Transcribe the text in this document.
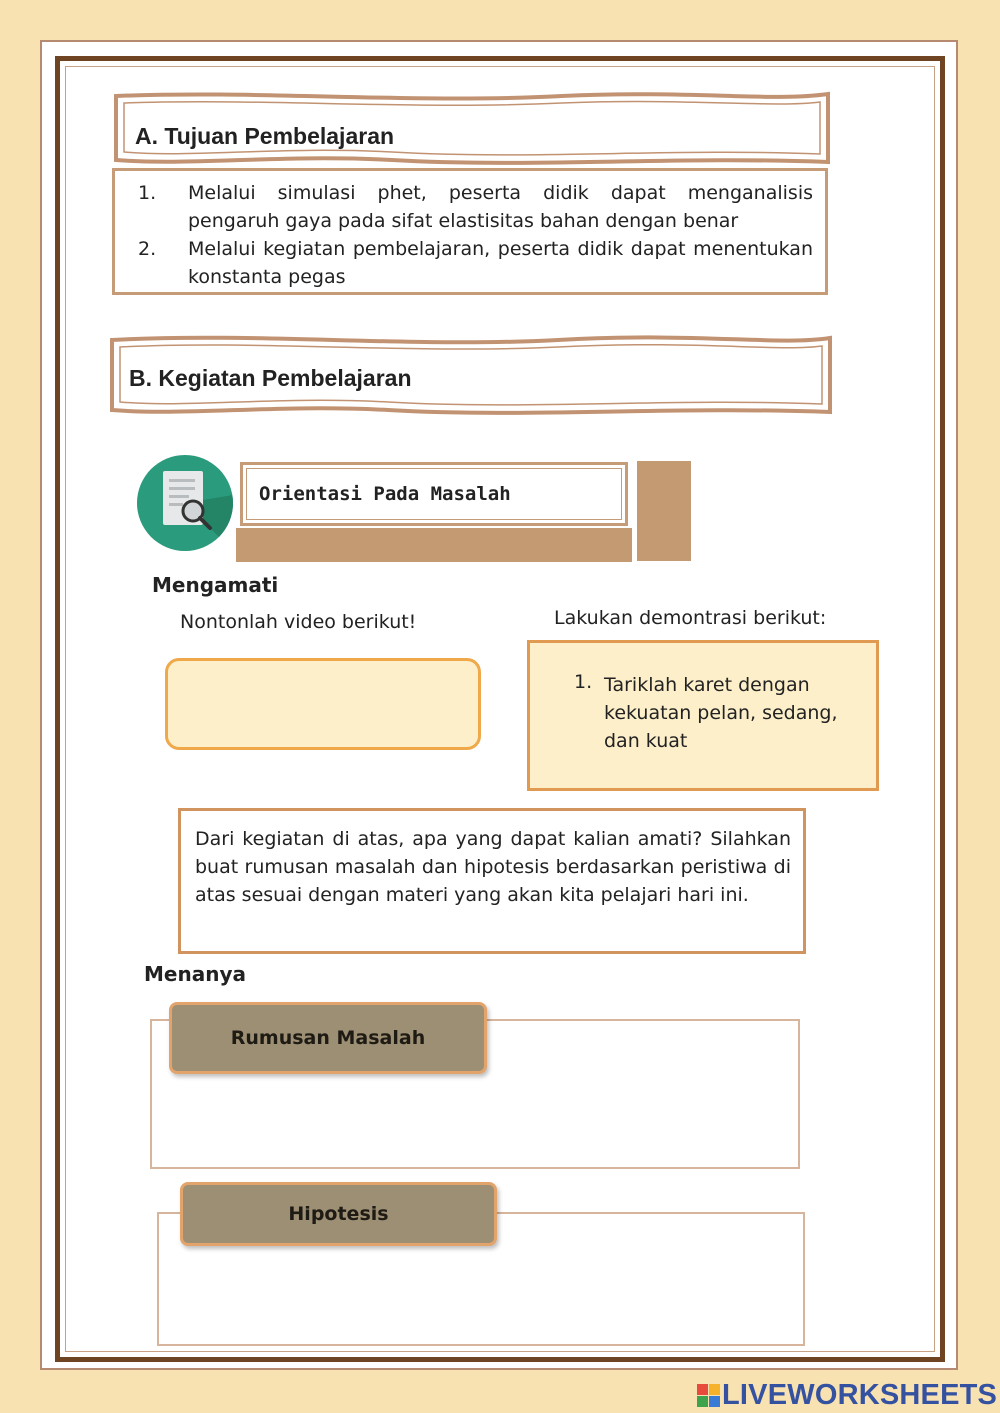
A. Tujuan Pembelajaran
1. Melalui simulasi phet, peserta didik dapat menganalisis pengaruh gaya pada sifat elastisitas bahan dengan benar
2. Melalui kegiatan pembelajaran, peserta didik dapat menentukan konstanta pegas
B. Kegiatan Pembelajaran
Orientasi Pada Masalah
Mengamati
Nontonlah video berikut!	Lakukan demontrasi berikut:
1. Tariklah karet dengan kekuatan pelan, sedang, dan kuat
Dari kegiatan di atas, apa yang dapat kalian amati? Silahkan buat rumusan masalah dan hipotesis berdasarkan peristiwa di atas sesuai dengan materi yang akan kita pelajari hari ini.
Menanya
Rumusan Masalah
Hipotesis
LIVEWORKSHEETS
